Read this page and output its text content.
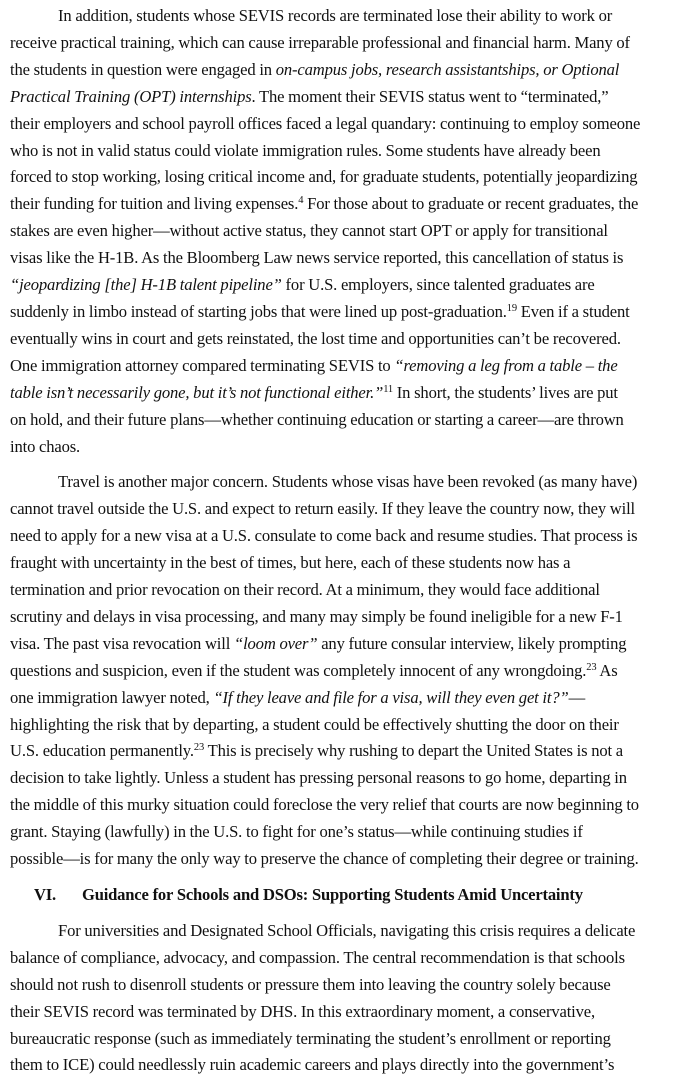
In addition, students whose SEVIS records are terminated lose their ability to work or
receive practical training, which can cause irreparable professional and financial harm. Many of
the students in question were engaged in on-campus jobs, research assistantships, or Optional
Practical Training (OPT) internships. The moment their SEVIS status went to “terminated,”
their employers and school payroll offices faced a legal quandary: continuing to employ someone
who is not in valid status could violate immigration rules. Some students have already been
forced to stop working, losing critical income and, for graduate students, potentially jeopardizing
their funding for tuition and living expenses.$^4$ For those about to graduate or recent graduates, the
stakes are even higher—without active status, they cannot start OPT or apply for transitional
visas like the H-1B. As the Bloomberg Law news service reported, this cancellation of status is
“jeopardizing [the] H-1B talent pipeline” for U.S. employers, since talented graduates are
suddenly in limbo instead of starting jobs that were lined up post-graduation.$^{19}$ Even if a student
eventually wins in court and gets reinstated, the lost time and opportunities can’t be recovered.
One immigration attorney compared terminating SEVIS to “removing a leg from a table – the
table isn’t necessarily gone, but it’s not functional either.”$^{11}$ In short, the students’ lives are put
on hold, and their future plans—whether continuing education or starting a career—are thrown
into chaos.

Travel is another major concern. Students whose visas have been revoked (as many have)
cannot travel outside the U.S. and expect to return easily. If they leave the country now, they will
need to apply for a new visa at a U.S. consulate to come back and resume studies. That process is
fraught with uncertainty in the best of times, but here, each of these students now has a
termination and prior revocation on their record. At a minimum, they would face additional
scrutiny and delays in visa processing, and many may simply be found ineligible for a new F-1
visa. The past visa revocation will “loom over” any future consular interview, likely prompting
questions and suspicion, even if the student was completely innocent of any wrongdoing.$^{23}$ As
one immigration lawyer noted, “If they leave and file for a visa, will they even get it?”—
highlighting the risk that by departing, a student could be effectively shutting the door on their
U.S. education permanently.$^{23}$ This is precisely why rushing to depart the United States is not a
decision to take lightly. Unless a student has pressing personal reasons to go home, departing in
the middle of this murky situation could foreclose the very relief that courts are now beginning to
grant. Staying (lawfully) in the U.S. to fight for one’s status—while continuing studies if
possible—is for many the only way to preserve the chance of completing their degree or training.

VI. Guidance for Schools and DSOs: Supporting Students Amid Uncertainty

For universities and Designated School Officials, navigating this crisis requires a delicate
balance of compliance, advocacy, and compassion. The central recommendation is that schools
should not rush to disenroll students or pressure them into leaving the country solely because
their SEVIS record was terminated by DHS. In this extraordinary moment, a conservative,
bureaucratic response (such as immediately terminating the student’s enrollment or reporting
them to ICE) could needlessly ruin academic careers and plays directly into the government’s
